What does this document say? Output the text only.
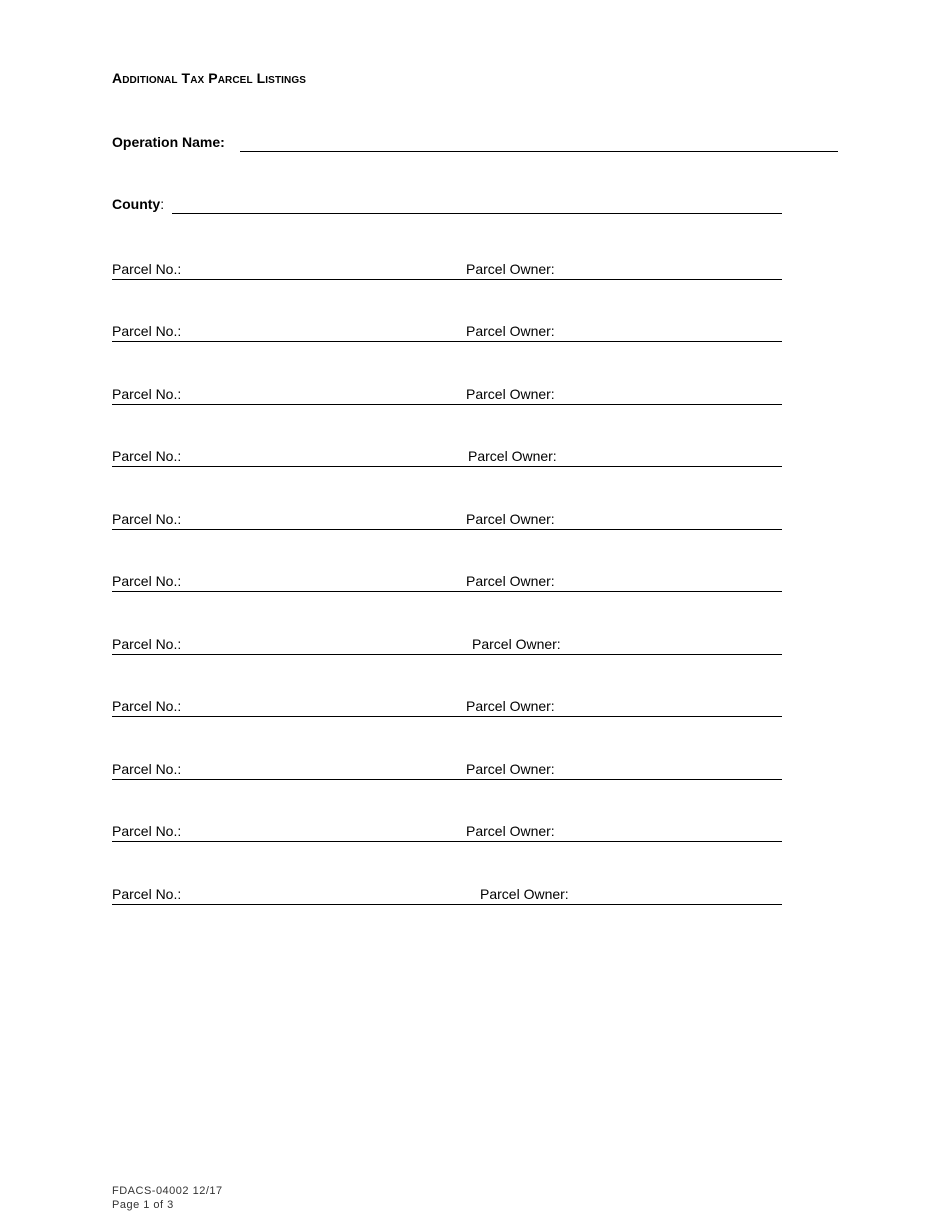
Additional Tax Parcel Listings
Operation Name:
County:
Parcel No.:	Parcel Owner:
Parcel No.:	Parcel Owner:
Parcel No.:	Parcel Owner:
Parcel No.:	Parcel Owner:
Parcel No.:	Parcel Owner:
Parcel No.:	Parcel Owner:
Parcel No.:	Parcel Owner:
Parcel No.:	Parcel Owner:
Parcel No.:	Parcel Owner:
Parcel No.:	Parcel Owner:
Parcel No.:	Parcel Owner:
FDACS-04002 12/17
Page 1 of 3
